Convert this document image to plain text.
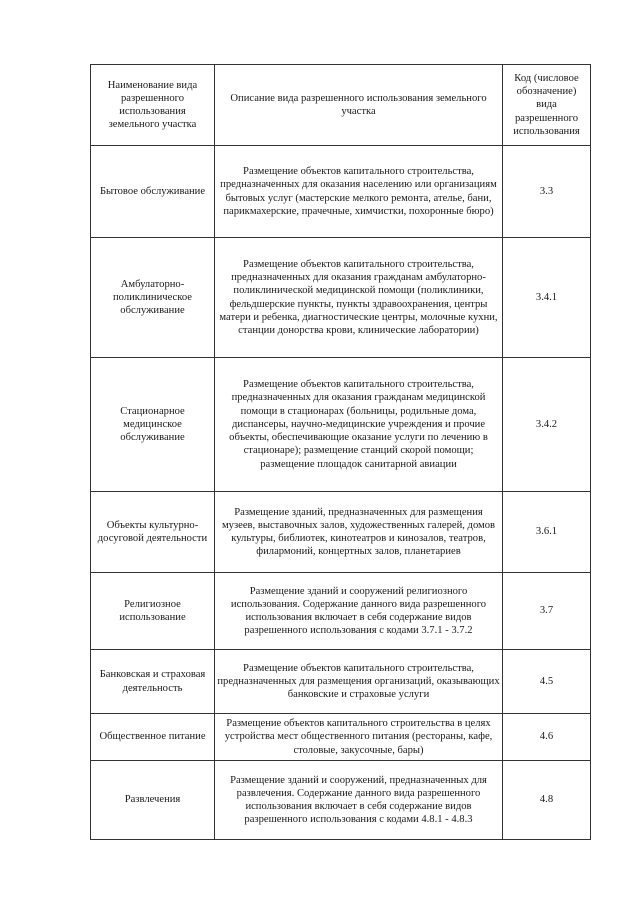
Наименование вида разрешенного использования земельного участка	Описание вида разрешенного использования земельного участка	Код (числовое обозначение) вида разрешенного использования
Бытовое обслуживание	Размещение объектов капитального строительства, предназначенных для оказания населению или организациям бытовых услуг (мастерские мелкого ремонта, ателье, бани, парикмахерские, прачечные, химчистки, похоронные бюро)	3.3
Амбулаторно-поликлиническое обслуживание	Размещение объектов капитального строительства, предназначенных для оказания гражданам амбулаторно-поликлинической медицинской помощи (поликлиники, фельдшерские пункты, пункты здравоохранения, центры матери и ребенка, диагностические центры, молочные кухни, станции донорства крови, клинические лаборатории)	3.4.1
Стационарное медицинское обслуживание	Размещение объектов капитального строительства, предназначенных для оказания гражданам медицинской помощи в стационарах (больницы, родильные дома, диспансеры, научно-медицинские учреждения и прочие объекты, обеспечивающие оказание услуги по лечению в стационаре); размещение станций скорой помощи; размещение площадок санитарной авиации	3.4.2
Объекты культурно-досуговой деятельности	Размещение зданий, предназначенных для размещения музеев, выставочных залов, художественных галерей, домов культуры, библиотек, кинотеатров и кинозалов, театров, филармоний, концертных залов, планетариев	3.6.1
Религиозное использование	Размещение зданий и сооружений религиозного использования. Содержание данного вида разрешенного использования включает в себя содержание видов разрешенного использования с кодами 3.7.1 - 3.7.2	3.7
Банковская и страховая деятельность	Размещение объектов капитального строительства, предназначенных для размещения организаций, оказывающих банковские и страховые услуги	4.5
Общественное питание	Размещение объектов капитального строительства в целях устройства мест общественного питания (рестораны, кафе, столовые, закусочные, бары)	4.6
Развлечения	Размещение зданий и сооружений, предназначенных для развлечения. Содержание данного вида разрешенного использования включает в себя содержание видов разрешенного использования с кодами 4.8.1 - 4.8.3	4.8
